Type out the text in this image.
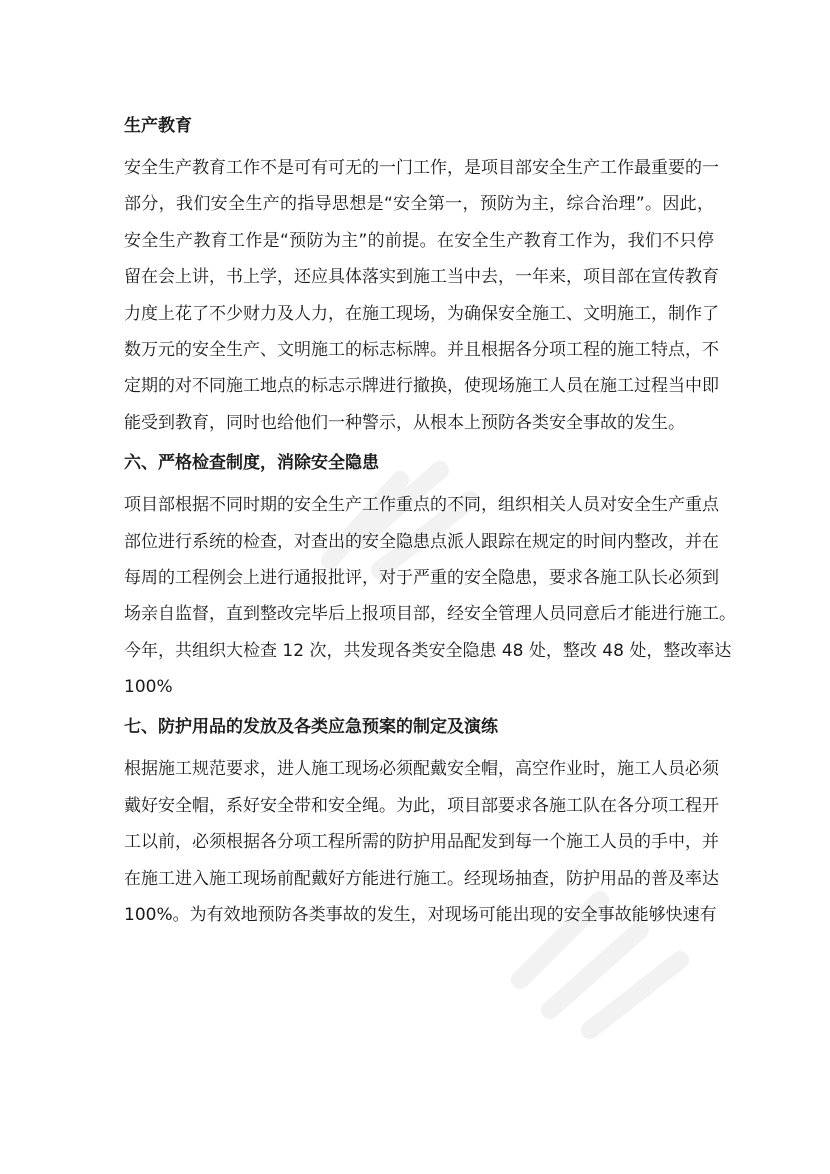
生产教育
安全生产教育工作不是可有可无的一门工作，是项目部安全生产工作最重要的一
部分，我们安全生产的指导思想是“安全第一，预防为主，综合治理”。因此，
安全生产教育工作是“预防为主”的前提。在安全生产教育工作为，我们不只停
留在会上讲，书上学，还应具体落实到施工当中去，一年来，项目部在宣传教育
力度上花了不少财力及人力，在施工现场，为确保安全施工、文明施工，制作了
数万元的安全生产、文明施工的标志标牌。并且根据各分项工程的施工特点，不
定期的对不同施工地点的标志示牌进行撤换，使现场施工人员在施工过程当中即
能受到教育，同时也给他们一种警示，从根本上预防各类安全事故的发生。
六、严格检查制度，消除安全隐患
项目部根据不同时期的安全生产工作重点的不同，组织相关人员对安全生产重点
部位进行系统的检查，对查出的安全隐患点派人跟踪在规定的时间内整改，并在
每周的工程例会上进行通报批评，对于严重的安全隐患，要求各施工队长必须到
场亲自监督，直到整改完毕后上报项目部，经安全管理人员同意后才能进行施工。
今年，共组织大检查 12 次，共发现各类安全隐患 48 处，整改 48 处，整改率达
100%
七、防护用品的发放及各类应急预案的制定及演练
根据施工规范要求，进人施工现场必须配戴安全帽，高空作业时，施工人员必须
戴好安全帽，系好安全带和安全绳。为此，项目部要求各施工队在各分项工程开
工以前，必须根据各分项工程所需的防护用品配发到每一个施工人员的手中，并
在施工进入施工现场前配戴好方能进行施工。经现场抽查，防护用品的普及率达
100%。为有效地预防各类事故的发生，对现场可能出现的安全事故能够快速有
